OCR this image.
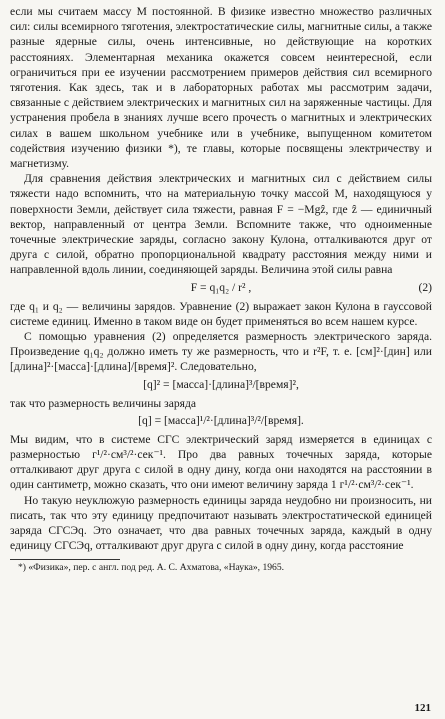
если мы считаем массу M постоянной. В физике известно множество различных сил: силы всемирного тяготения, электростатические силы, магнитные силы, а также разные ядерные силы, очень интенсивные, но действующие на коротких расстояниях. Элементарная механика окажется совсем неинтересной, если ограничиться при ее изучении рассмотрением примеров действия сил всемирного тяготения. Как здесь, так и в лабораторных работах мы рассмотрим задачи, связанные с действием электрических и магнитных сил на заряженные частицы. Для устранения пробела в знаниях лучше всего прочесть о магнитных и электрических силах в вашем школьном учебнике или в учебнике, выпущенном комитетом содействия изучению физики *), те главы, которые посвящены электричеству и магнетизму.

Для сравнения действия электрических и магнитных сил с действием силы тяжести надо вспомнить, что на материальную точку массой M, находящуюся у поверхности Земли, действует сила тяжести, равная F = −Mgẑ, где ẑ — единичный вектор, направленный от центра Земли. Вспомните также, что одноименные точечные электрические заряды, согласно закону Кулона, отталкиваются друг от друга с силой, обратно пропорциональной квадрату расстояния между ними и направленной вдоль линии, соединяющей заряды. Величина этой силы равна

F = q₁q₂ / r² ,	(2)

где q₁ и q₂ — величины зарядов. Уравнение (2) выражает закон Кулона в гауссовой системе единиц. Именно в таком виде он будет применяться во всем нашем курсе.

С помощью уравнения (2) определяется размерность электрического заряда. Произведение q₁q₂ должно иметь ту же размерность, что и r²F, т. е. [см]²·[дин] или [длина]²·[масса]·[длина]/[время]². Следовательно,

[q]² = [масса]·[длина]³/[время]²,

так что размерность величины заряда

[q] = [масса]¹/²·[длина]³/²/[время].

Мы видим, что в системе СГС электрический заряд измеряется в единицах с размерностью г¹/²·см³/²·сек⁻¹. Про два равных точечных заряда, которые отталкивают друг друга с силой в одну дину, когда они находятся на расстоянии в один сантиметр, можно сказать, что они имеют величину заряда 1 г¹/²·см³/²·сек⁻¹.

Но такую неуклюжую размерность единицы заряда неудобно ни произносить, ни писать, так что эту единицу предпочитают называть электростатической единицей заряда СГСЭq. Это означает, что два равных точечных заряда, каждый в одну единицу СГСЭq, отталкивают друг друга с силой в одну дину, когда расстояние

*) «Физика», пер. с англ. под ред. А. С. Ахматова, «Наука», 1965.

121
